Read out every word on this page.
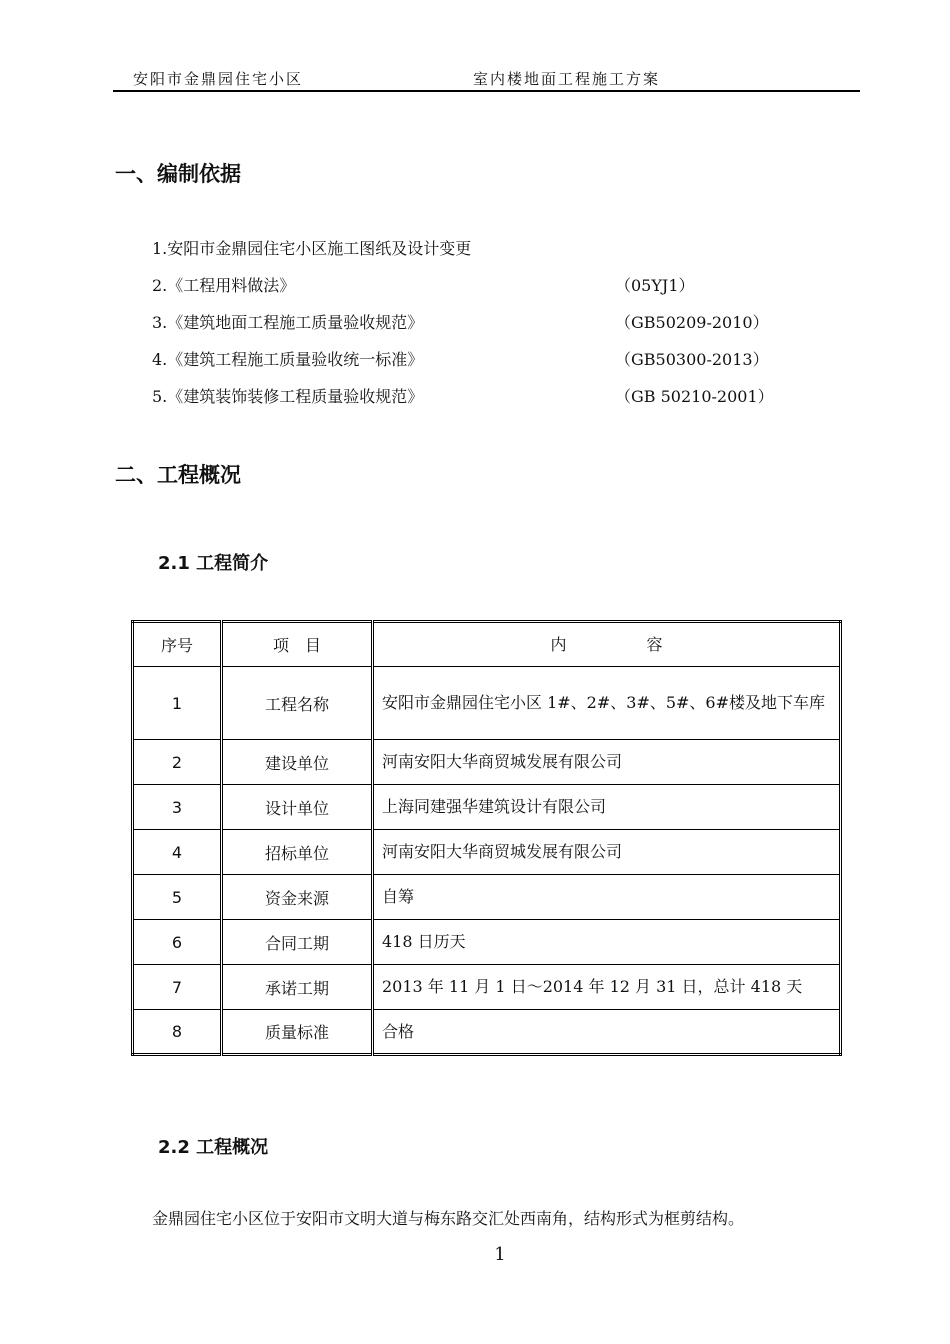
安阳市金鼎园住宅小区	室内楼地面工程施工方案
一、编制依据
1.安阳市金鼎园住宅小区施工图纸及设计变更
2.《工程用料做法》	（05YJ1）
3.《建筑地面工程施工质量验收规范》	（GB50209-2010）
4.《建筑工程施工质量验收统一标准》	（GB50300-2013）
5.《建筑装饰装修工程质量验收规范》	（GB 50210-2001）
二、工程概况
2.1 工程简介
序号	项　目	内　　　　　容
1	工程名称	安阳市金鼎园住宅小区 1#、2#、3#、5#、6#楼及地下车库
2	建设单位	河南安阳大华商贸城发展有限公司
3	设计单位	上海同建强华建筑设计有限公司
4	招标单位	河南安阳大华商贸城发展有限公司
5	资金来源	自筹
6	合同工期	418 日历天
7	承诺工期	2013 年 11 月 1 日～2014 年 12 月 31 日，总计 418 天
8	质量标准	合格
2.2 工程概况
金鼎园住宅小区位于安阳市文明大道与梅东路交汇处西南角，结构形式为框剪结构。
1
